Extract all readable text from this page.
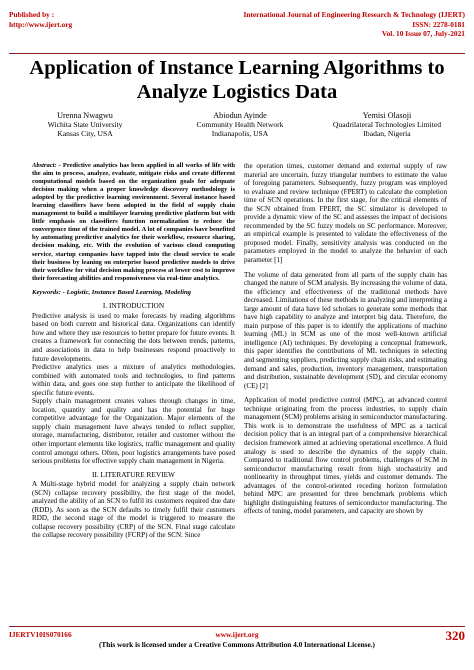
Published by :
http://www.ijert.org
International Journal of Engineering Research & Technology (IJERT)
ISSN: 2278-0181
Vol. 10 Issue 07, July-2021
Application of Instance Learning Algorithms to
Analyze Logistics Data
Urenna Nwagwu
Wichita State University
Kansas City, USA
Abiodun Ayinde
Community Health Network
Indianapolis, USA
Yemisi Olasoji
Quadrilateral Technologies Limited
Ibadan, Nigeria

Abstract: - Predictive analytics has been applied in all works of life with the aim to process, analyze, evaluate, mitigate risks and create different computational models based on the organization goals for adequate decision making when a proper knowledge discovery methodology is adopted by the predictive learning environment. Several instance based learning classifiers have been adopted in the field of supply chain management to build a multilayer learning predictive platform but with little emphasis on classifiers function normalization to reduce the convergence time of the trained model. A lot of companies have benefited by automating predictive analytics for their workflow, resource sharing, decision making, etc. With the evolution of various cloud computing service, startup companies have tapped into the cloud service to scale their business by leaning on enterprise based predictive models to drive their workflow for vital decision making process at lower cost to improve their forecasting abilities and responsiveness via real-time analytics.

Keywords: - Logistic, Instance Based Learning, Modeling

I. INTRODUCTION

Predictive analysis is used to make forecasts by reading algorithms based on both current and historical data. Organizations can identify how and where they use resources to better prepare for future events. It creates a framework for connecting the dots between trends, patterns, and associations in data to help businesses respond proactively to future developments.

Predictive analytics uses a mixture of analytics methodologies, combined with automated tools and technologies, to find patterns within data, and goes one step further to anticipate the likelihood of specific future events.

Supply chain management creates values through changes in time, location, quantity and quality and has the potential for huge competitive advantage for the Organization. Major elements of the supply chain management have always tended to reflect supplier, storage, manufacturing, distributor, retailer and customer without the other important elements like logistics, traffic management and quality control amongst others. Often, poor logistics arrangements have posed serious problems for effective supply chain management in Nigeria.

II. LITERATURE REVIEW

A Multi-stage hybrid model for analyzing a supply chain network (SCN) collapse recovery possibility, the first stage of the model, analyzed the ability of an SCN to fulfil its customers required due date (RDD). As soon as the SCN defaults to timely fulfil their customers RDD, the second stage of the model is triggered to measure the collapse recovery possibility (CRP) of the SCN. Final stage calculate the collapse recovery possibility (FCRP) of the SCN. Since

the operation times, customer demand and external supply of raw material are uncertain, fuzzy triangular numbers to estimate the value of foregoing parameters. Subsequently, fuzzy program was employed to evaluate and review technique (FPERT) to calculate the completion time of SCN operations. In the first stage, for the critical elements of the SCN obtained from FPERT, the SC simulator is developed to provide a dynamic view of the SC and assesses the impact of decisions recommended by the SC fuzzy models on SC performance. Moreover, an empirical example is presented to validate the effectiveness of the proposed model. Finally, sensitivity analysis was conducted on the parameters employed in the model to analyze the behavior of each parameter [1]

The volume of data generated from all parts of the supply chain has changed the nature of SCM analysis. By increasing the volume of data, the efficiency and effectiveness of the traditional methods have decreased. Limitations of these methods in analyzing and interpreting a large amount of data have led scholars to generate some methods that have high capability to analyze and interpret big data. Therefore, the main purpose of this paper is to identify the applications of machine learning (ML) in SCM as one of the most well-known artificial intelligence (AI) techniques. By developing a conceptual framework, this paper identifies the contributions of ML techniques in selecting and segmenting suppliers, predicting supply chain risks, and estimating demand and sales, production, inventory management, transportation and distribution, sustainable development (SD), and circular economy (CE) [2]

Application of model predictive control (MPC), an advanced control technique originating from the process industries, to supply chain management (SCM) problems arising in semiconductor manufacturing. This work is to demonstrate the usefulness of MPC as a tactical decision policy that is an integral part of a comprehensive hierarchical decision framework aimed at achieving operational excellence. A fluid analogy is used to describe the dynamics of the supply chain. Compared to traditional flow control problems, challenges of SCM in semiconductor manufacturing result from high stochasticity and nonlinearity in throughput times, yields and customer demands. The advantages of the control-oriented receding horizon formulation behind MPC are presented for three benchmark problems which highlight distinguishing features of semiconductor manufacturing. The effects of tuning, model parameters, and capacity are shown by

IJERTV10IS070166	www.ijert.org
(This work is licensed under a Creative Commons Attribution 4.0 International License.)
320
